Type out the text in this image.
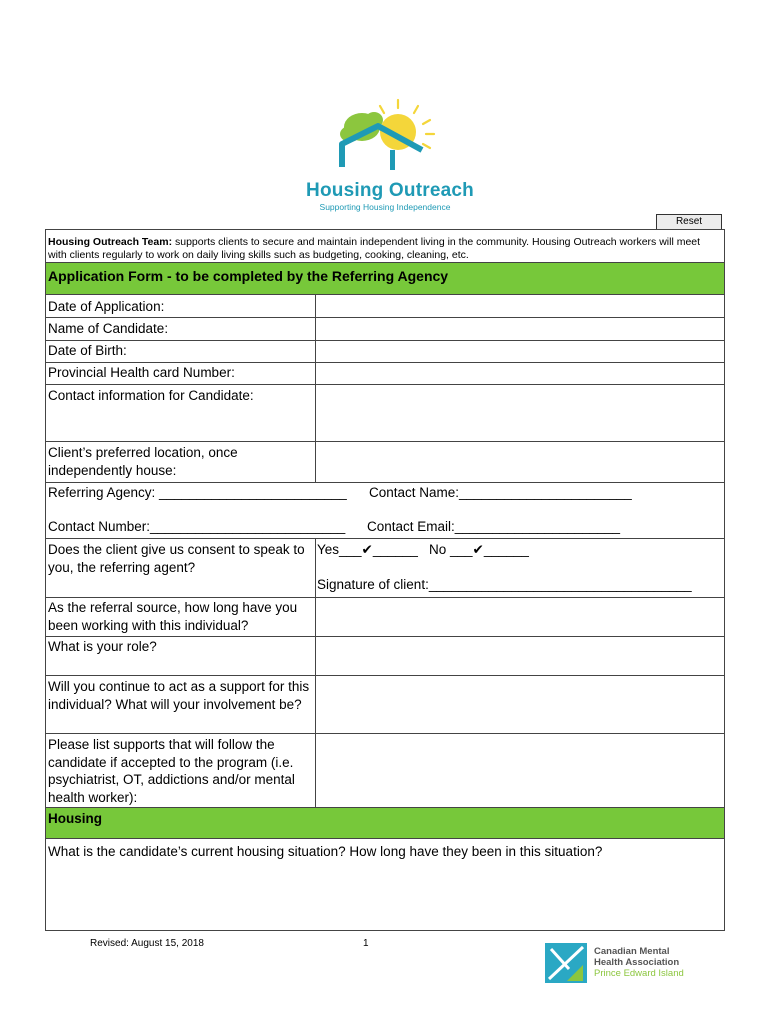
Housing Outreach
Supporting Housing Independence
Reset
Housing Outreach Team: supports clients to secure and maintain independent living in the community. Housing Outreach workers will meet with clients regularly to work on daily living skills such as budgeting, cooking, cleaning, etc.
Application Form - to be completed by the Referring Agency
Date of Application:
Name of Candidate:
Date of Birth:
Provincial Health card Number:
Contact information for Candidate:
Client’s preferred location, once independently house:
Referring Agency: _________________________	Contact Name:_______________________
Contact Number:__________________________	Contact Email:______________________
Does the client give us consent to speak to you, the referring agent?
Yes___✔______ No ___✔______
Signature of client:___________________________________
As the referral source, how long have you been working with this individual?
What is your role?
Will you continue to act as a support for this individual? What will your involvement be?
Please list supports that will follow the candidate if accepted to the program (i.e. psychiatrist, OT, addictions and/or mental health worker):
Housing
What is the candidate’s current housing situation? How long have they been in this situation?
Revised: August 15, 2018	1
Canadian Mental
Health Association
Prince Edward Island
